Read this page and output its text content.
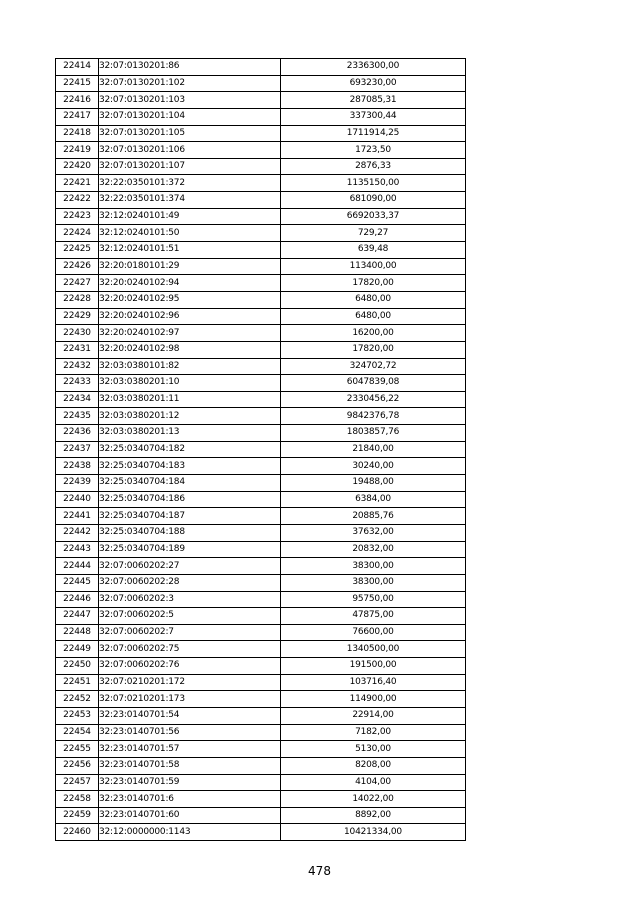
22414	32:07:0130201:86	2336300,00
22415	32:07:0130201:102	693230,00
22416	32:07:0130201:103	287085,31
22417	32:07:0130201:104	337300,44
22418	32:07:0130201:105	1711914,25
22419	32:07:0130201:106	1723,50
22420	32:07:0130201:107	2876,33
22421	32:22:0350101:372	1135150,00
22422	32:22:0350101:374	681090,00
22423	32:12:0240101:49	6692033,37
22424	32:12:0240101:50	729,27
22425	32:12:0240101:51	639,48
22426	32:20:0180101:29	113400,00
22427	32:20:0240102:94	17820,00
22428	32:20:0240102:95	6480,00
22429	32:20:0240102:96	6480,00
22430	32:20:0240102:97	16200,00
22431	32:20:0240102:98	17820,00
22432	32:03:0380101:82	324702,72
22433	32:03:0380201:10	6047839,08
22434	32:03:0380201:11	2330456,22
22435	32:03:0380201:12	9842376,78
22436	32:03:0380201:13	1803857,76
22437	32:25:0340704:182	21840,00
22438	32:25:0340704:183	30240,00
22439	32:25:0340704:184	19488,00
22440	32:25:0340704:186	6384,00
22441	32:25:0340704:187	20885,76
22442	32:25:0340704:188	37632,00
22443	32:25:0340704:189	20832,00
22444	32:07:0060202:27	38300,00
22445	32:07:0060202:28	38300,00
22446	32:07:0060202:3	95750,00
22447	32:07:0060202:5	47875,00
22448	32:07:0060202:7	76600,00
22449	32:07:0060202:75	1340500,00
22450	32:07:0060202:76	191500,00
22451	32:07:0210201:172	103716,40
22452	32:07:0210201:173	114900,00
22453	32:23:0140701:54	22914,00
22454	32:23:0140701:56	7182,00
22455	32:23:0140701:57	5130,00
22456	32:23:0140701:58	8208,00
22457	32:23:0140701:59	4104,00
22458	32:23:0140701:6	14022,00
22459	32:23:0140701:60	8892,00
22460	32:12:0000000:1143	10421334,00
478
